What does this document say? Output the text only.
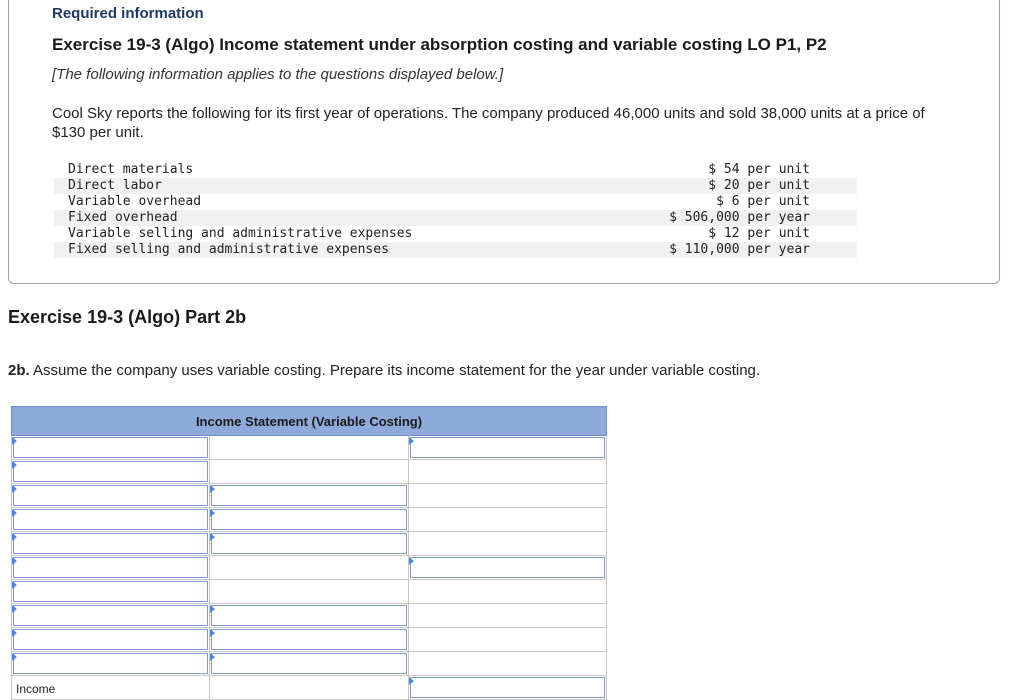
Required information
Exercise 19-3 (Algo) Income statement under absorption costing and variable costing LO P1, P2
[The following information applies to the questions displayed below.]
Cool Sky reports the following for its first year of operations. The company produced 46,000 units and sold 38,000 units at a price of $130 per unit.
Direct materials	$ 54 per unit	
Direct labor	$ 20 per unit	
Variable overhead	$ 6 per unit	
Fixed overhead	$ 506,000 per year	
Variable selling and administrative expenses	$ 12 per unit	
Fixed selling and administrative expenses	$ 110,000 per year	
Exercise 19-3 (Algo) Part 2b
2b. Assume the company uses variable costing. Prepare its income statement for the year under variable costing.
Income Statement (Variable Costing)		

Income		
